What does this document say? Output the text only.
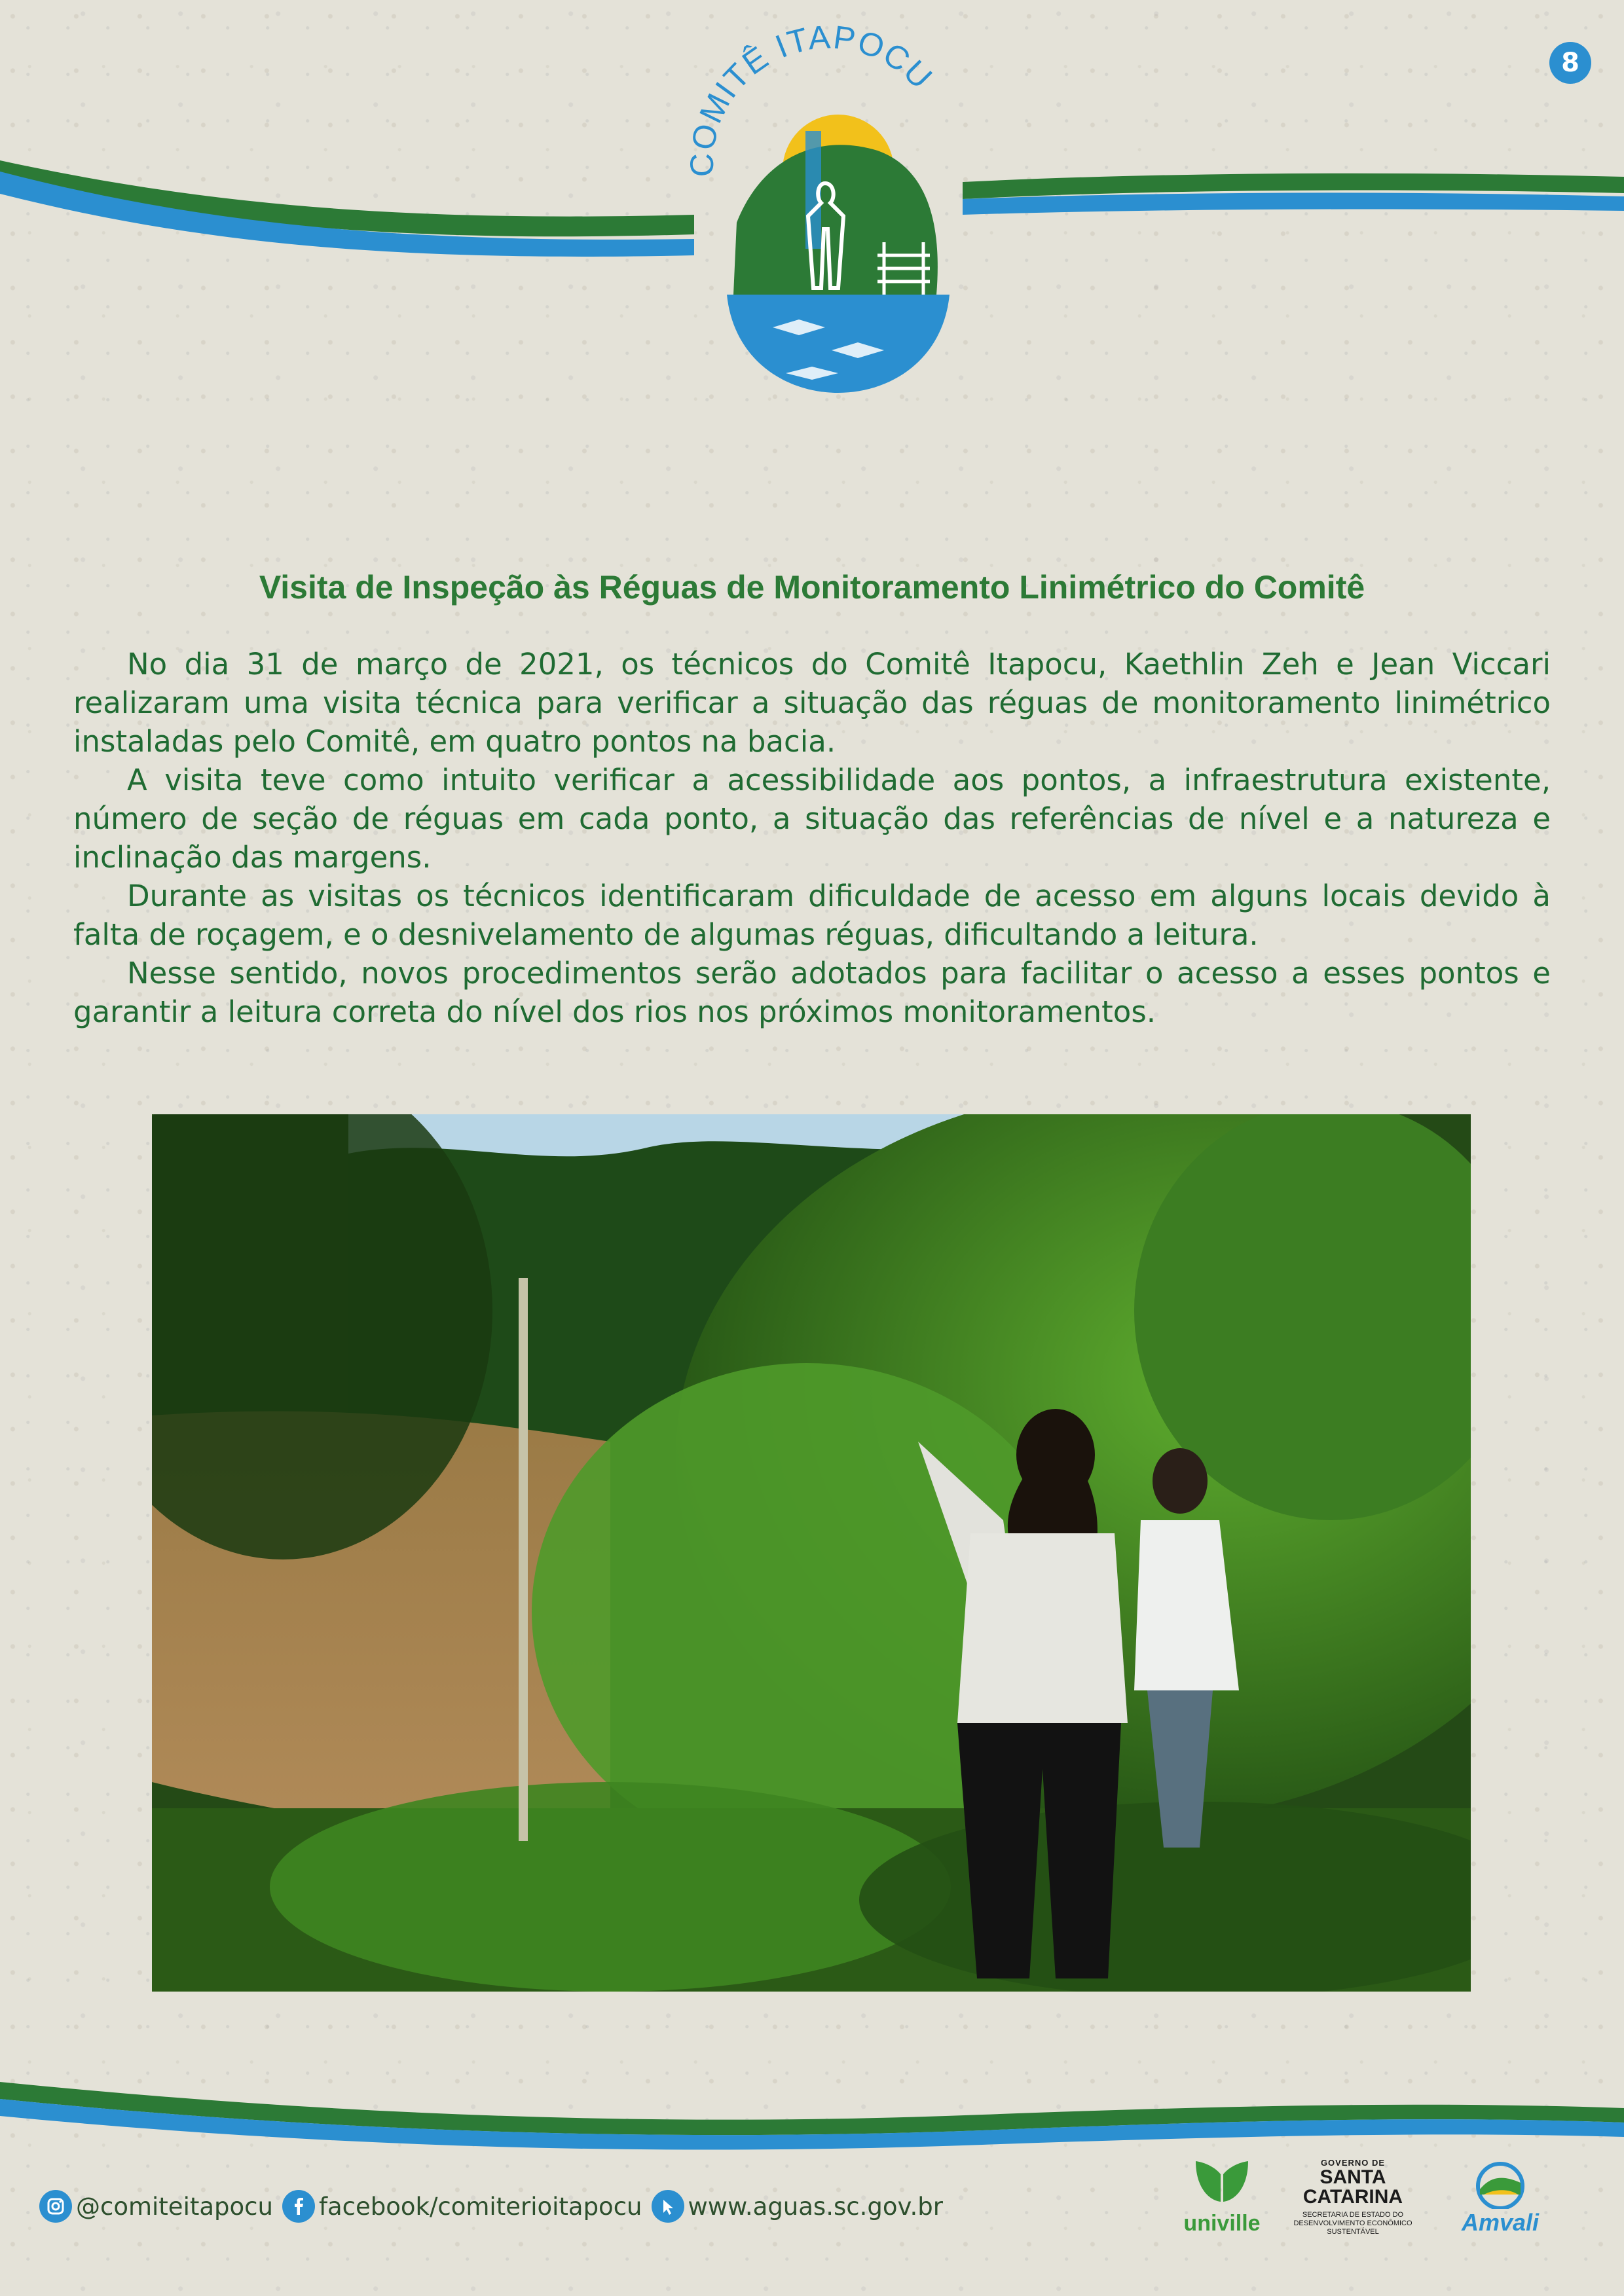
8
COMITÊ ITAPOCU
Visita de Inspeção às Réguas de Monitoramento Linimétrico do Comitê

No dia 31 de março de 2021, os técnicos do Comitê Itapocu, Kaethlin Zeh e Jean Viccari realizaram uma visita técnica para verificar a situação das réguas de monitoramento linimétrico instaladas pelo Comitê, em quatro pontos na bacia.

A visita teve como intuito verificar a acessibilidade aos pontos, a infraestrutura existente, número de seção de réguas em cada ponto, a situação das referências de nível e a natureza e inclinação das margens.

Durante as visitas os técnicos identificaram dificuldade de acesso em alguns locais devido à falta de roçagem, e o desnivelamento de algumas réguas, dificultando a leitura.

Nesse sentido, novos procedimentos serão adotados para facilitar o acesso a esses pontos e garantir a leitura correta do nível dos rios nos próximos monitoramentos.

@comiteitapocu facebook/comiterioitapocu www.aguas.sc.gov.br
univille
GOVERNO DE
SANTA
CATARINA
SECRETARIA DE ESTADO DO DESENVOLVIMENTO ECONÔMICO SUSTENTÁVEL	Amvali
